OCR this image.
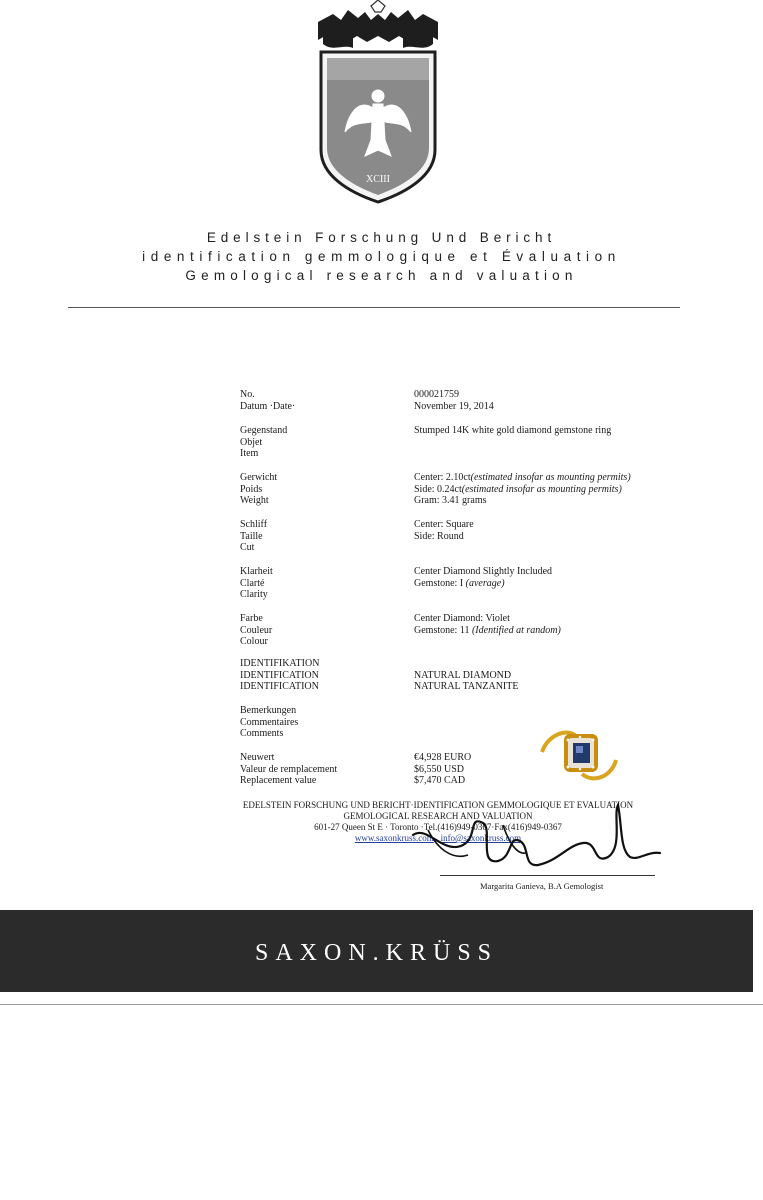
XCIII
Edelstein Forschung Und Bericht
identification gemmologique et Évaluation
Gemological research and valuation
No.
Datum ·Date·
000021759
November 19, 2014
Gegenstand
Objet
Item
Stumped 14K white gold diamond gemstone ring
Gerwicht
Poids
Weight
Center: 2.10ct(estimated insofar as mounting permits)
Side: 0.24ct(estimated insofar as mounting permits)
Gram: 3.41 grams
Schliff
Taille
Cut
Center: Square
Side: Round
Klarheit
Clarté
Clarity
Center Diamond Slightly Included
Gemstone: I (average)
Farbe
Couleur
Colour
Center Diamond: Violet
Gemstone: 11 (Identified at random)
IDENTIFIKATION
IDENTIFICATION
IDENTIFICATION

NATURAL DIAMOND
NATURAL TANZANITE
Bemerkungen
Commentaires
Comments
Neuwert
Valeur de remplacement
Replacement value
€4,928 EURO
$6,550 USD
$7,470 CAD
EDELSTEIN FORSCHUNG UND BERICHT·IDENTIFICATION GEMMOLOGIQUE ET EVALUATION
GEMOLOGICAL RESEARCH AND VALUATION
601-27 Queen St E · Toronto ·Tel.(416)949-0367·Fax(416)949-0367
www.saxonkruss.com info@saxonkruss.com
Margarita Ganieva, B.A Gemologist
SAXON.KRÜSS
